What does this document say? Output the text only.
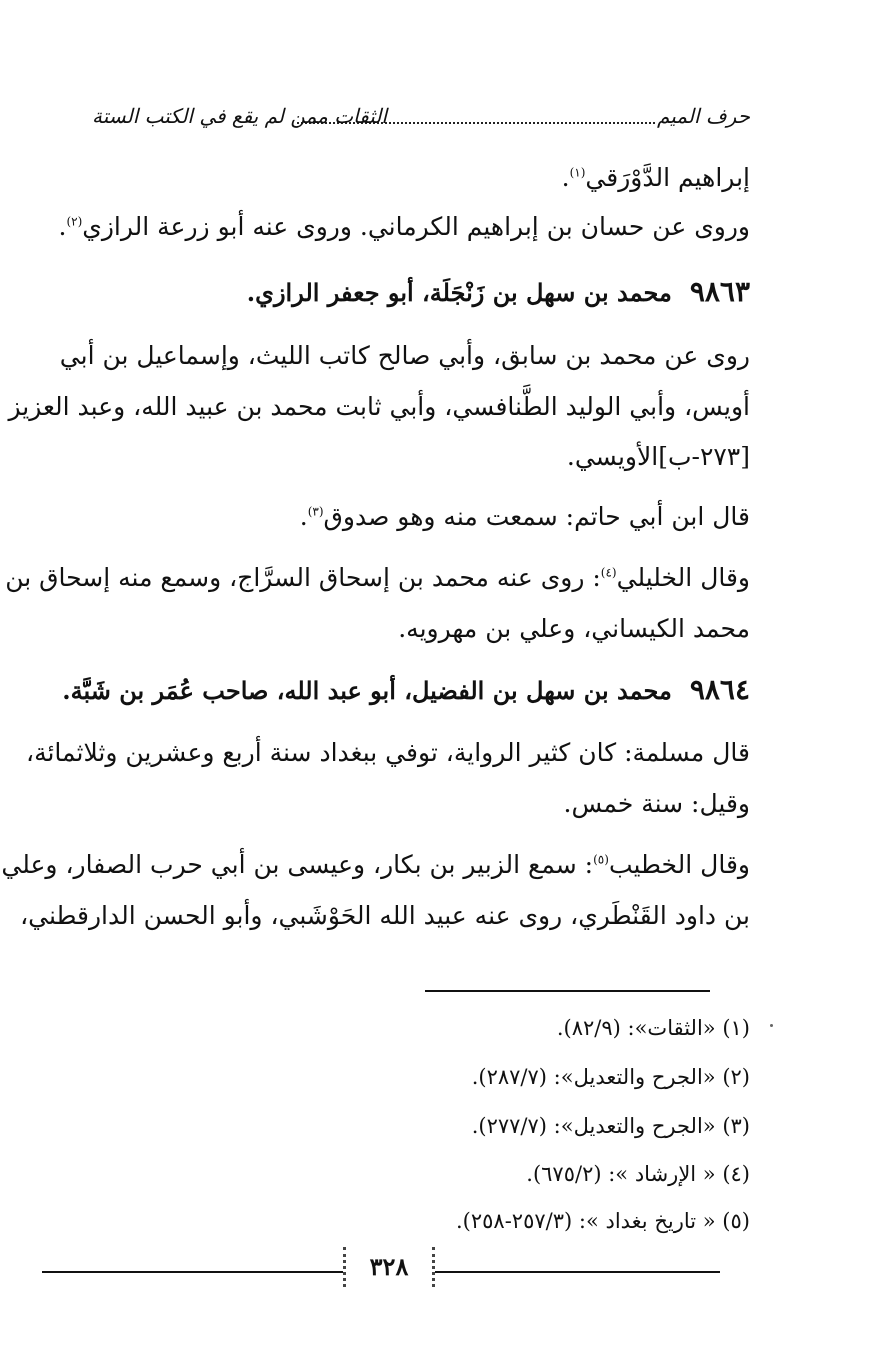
حرف الميم
الثقات ممن لم يقع في الكتب الستة
إبراهيم الدَّوْرَقي$^{(١)}$.
وروى عن حسان بن إبراهيم الكرماني. وروى عنه أبو زرعة الرازي$^{(٢)}$.
٩٨٦٣محمد بن سهل بن زَنْجَلَة، أبو جعفر الرازي.
روى عن محمد بن سابق، وأبي صالح كاتب الليث، وإسماعيل بن أبي
أويس، وأبي الوليد الطَّنافسي، وأبي ثابت محمد بن عبيد الله، وعبد العزيز
[٢٧٣-ب]الأويسي.
قال ابن أبي حاتم: سمعت منه وهو صدوق$^{(٣)}$.
وقال الخليلي$^{(٤)}$: روى عنه محمد بن إسحاق السرَّاج، وسمع منه إسحاق بن
محمد الكيساني، وعلي بن مهرويه.
٩٨٦٤محمد بن سهل بن الفضيل، أبو عبد الله، صاحب عُمَر بن شَبَّة.
قال مسلمة: كان كثير الرواية، توفي ببغداد سنة أربع وعشرين وثلاثمائة،
وقيل: سنة خمس.
وقال الخطيب$^{(٥)}$: سمع الزبير بن بكار، وعيسى بن أبي حرب الصفار، وعلي
بن داود القَنْطَري، روى عنه عبيد الله الحَوْشَبي، وأبو الحسن الدارقطني،
(١) «الثقات»: (٨٢/٩).
(٢) «الجرح والتعديل»: (٢٨٧/٧).
(٣) «الجرح والتعديل»: (٢٧٧/٧).
(٤) « الإرشاد »: (٦٧٥/٢).
(٥) « تاريخ بغداد »: (٢٥٧/٣-٢٥٨).
٣٢٨
